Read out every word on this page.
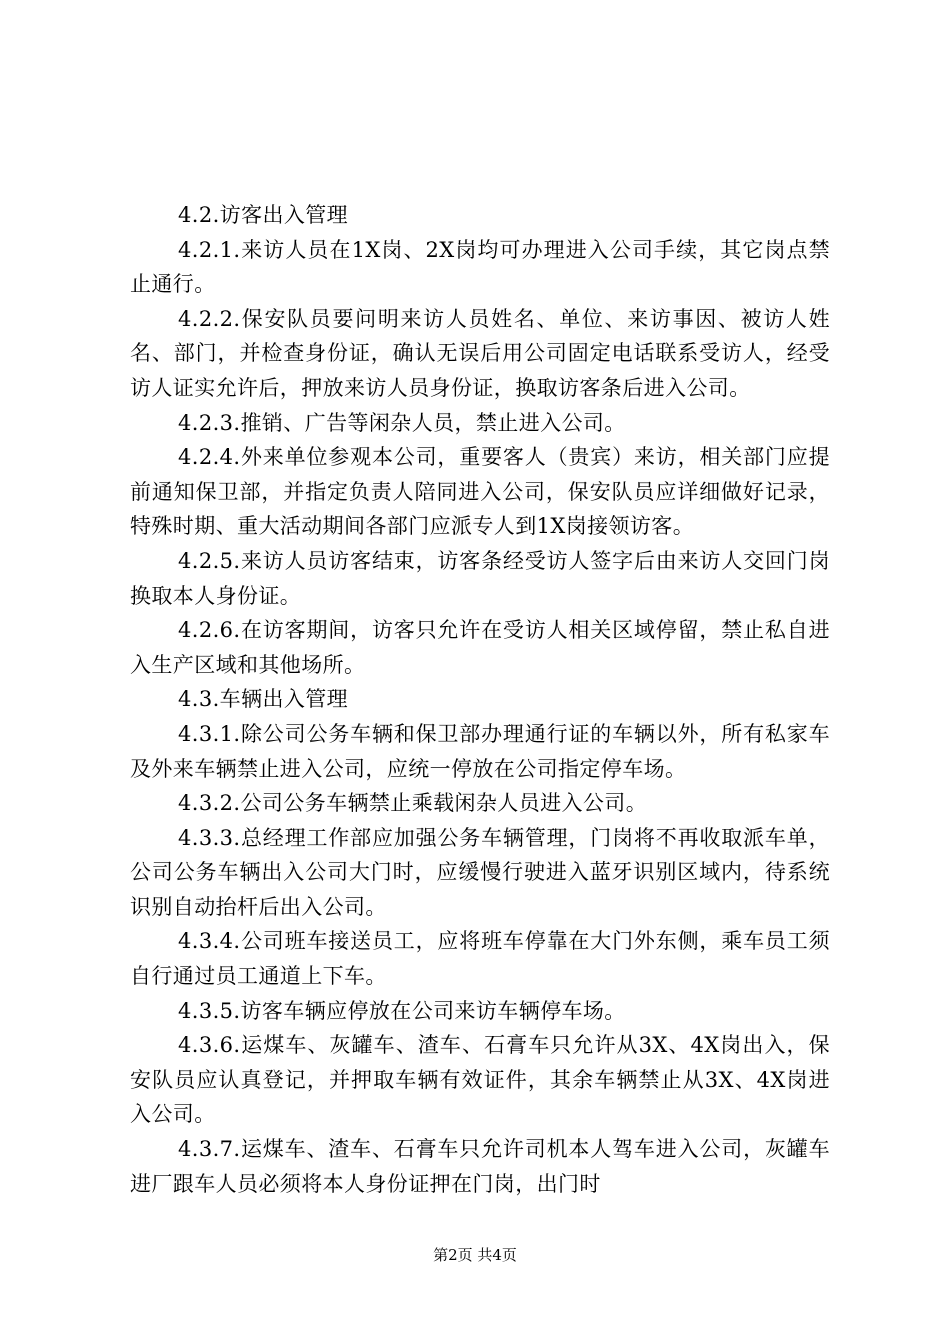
4.2.访客出入管理

4.2.1.来访人员在1X岗、2X岗均可办理进入公司手续，其它岗点禁止通行。

4.2.2.保安队员要问明来访人员姓名、单位、来访事因、被访人姓名、部门，并检查身份证，确认无误后用公司固定电话联系受访人，经受访人证实允许后，押放来访人员身份证，换取访客条后进入公司。

4.2.3.推销、广告等闲杂人员，禁止进入公司。

4.2.4.外来单位参观本公司，重要客人（贵宾）来访，相关部门应提前通知保卫部，并指定负责人陪同进入公司，保安队员应详细做好记录，特殊时期、重大活动期间各部门应派专人到1X岗接领访客。

4.2.5.来访人员访客结束，访客条经受访人签字后由来访人交回门岗换取本人身份证。

4.2.6.在访客期间，访客只允许在受访人相关区域停留，禁止私自进入生产区域和其他场所。

4.3.车辆出入管理

4.3.1.除公司公务车辆和保卫部办理通行证的车辆以外，所有私家车及外来车辆禁止进入公司，应统一停放在公司指定停车场。

4.3.2.公司公务车辆禁止乘载闲杂人员进入公司。

4.3.3.总经理工作部应加强公务车辆管理，门岗将不再收取派车单，公司公务车辆出入公司大门时，应缓慢行驶进入蓝牙识别区域内，待系统识别自动抬杆后出入公司。

4.3.4.公司班车接送员工，应将班车停靠在大门外东侧，乘车员工须自行通过员工通道上下车。

4.3.5.访客车辆应停放在公司来访车辆停车场。

4.3.6.运煤车、灰罐车、渣车、石膏车只允许从3X、4X岗出入，保安队员应认真登记，并押取车辆有效证件，其余车辆禁止从3X、4X岗进入公司。

4.3.7.运煤车、渣车、石膏车只允许司机本人驾车进入公司，灰罐车进厂跟车人员必须将本人身份证押在门岗，出门时

第2页 共4页
